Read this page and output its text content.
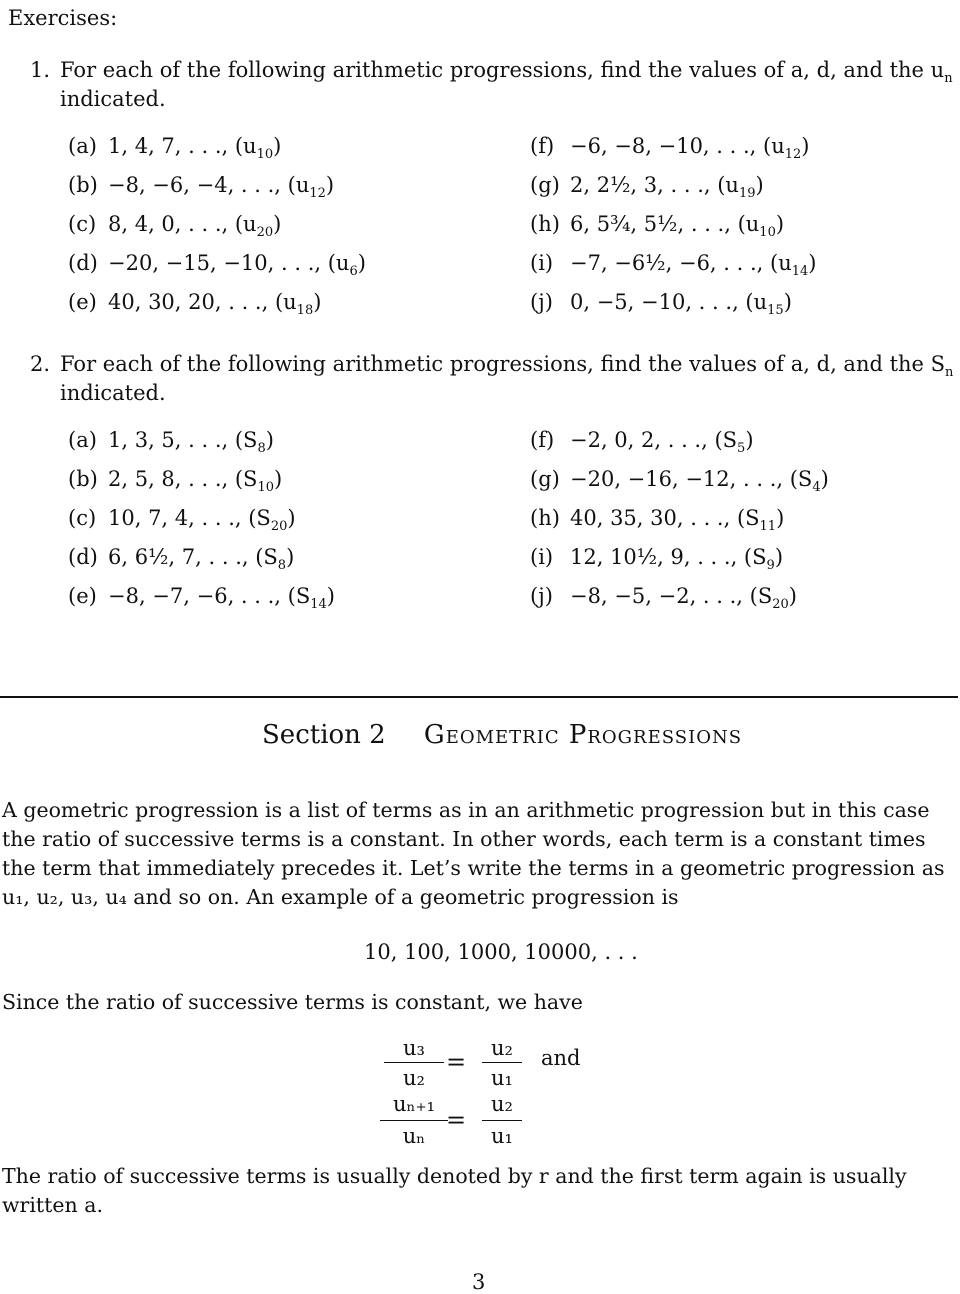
Exercises:
1. For each of the following arithmetic progressions, find the values of a, d, and the $u_n$
indicated.
(a) 1, 4, 7, . . ., $(u_{10})$
(b) −8, −6, −4, . . ., $(u_{12})$
(c) 8, 4, 0, . . ., $(u_{20})$
(d) −20, −15, −10, . . ., $(u_6)$
(e) 40, 30, 20, . . ., $(u_{18})$
(f) −6, −8, −10, . . ., $(u_{12})$
(g) 2, 2½, 3, . . ., $(u_{19})$
(h) 6, 5¾, 5½, . . ., $(u_{10})$
(i) −7, −6½, −6, . . ., $(u_{14})$
(j) 0, −5, −10, . . ., $(u_{15})$
2. For each of the following arithmetic progressions, find the values of a, d, and the $S_n$
indicated.
(a) 1, 3, 5, . . ., $(S_8)$
(b) 2, 5, 8, . . ., $(S_{10})$
(c) 10, 7, 4, . . ., $(S_{20})$
(d) 6, 6½, 7, . . ., $(S_8)$
(e) −8, −7, −6, . . ., $(S_{14})$
(f) −2, 0, 2, . . ., $(S_5)$
(g) −20, −16, −12, . . ., $(S_4)$
(h) 40, 35, 30, . . ., $(S_{11})$
(i) 12, 10½, 9, . . ., $(S_9)$
(j) −8, −5, −2, . . ., $(S_{20})$
Section 2 Geometric Progressions
A geometric progression is a list of terms as in an arithmetic progression but in this case the ratio of successive terms is a constant. In other words, each term is a constant times the term that immediately precedes it. Let’s write the terms in a geometric progression as u₁, u₂, u₃, u₄ and so on. An example of a geometric progression is
10, 100, 1000, 10000, . . .
Since the ratio of successive terms is constant, we have
u₃
u₂
=	u₂
u₁
and
uₙ₊₁
uₙ
=
u₂
u₁
The ratio of successive terms is usually denoted by r and the first term again is usually written a.
3
